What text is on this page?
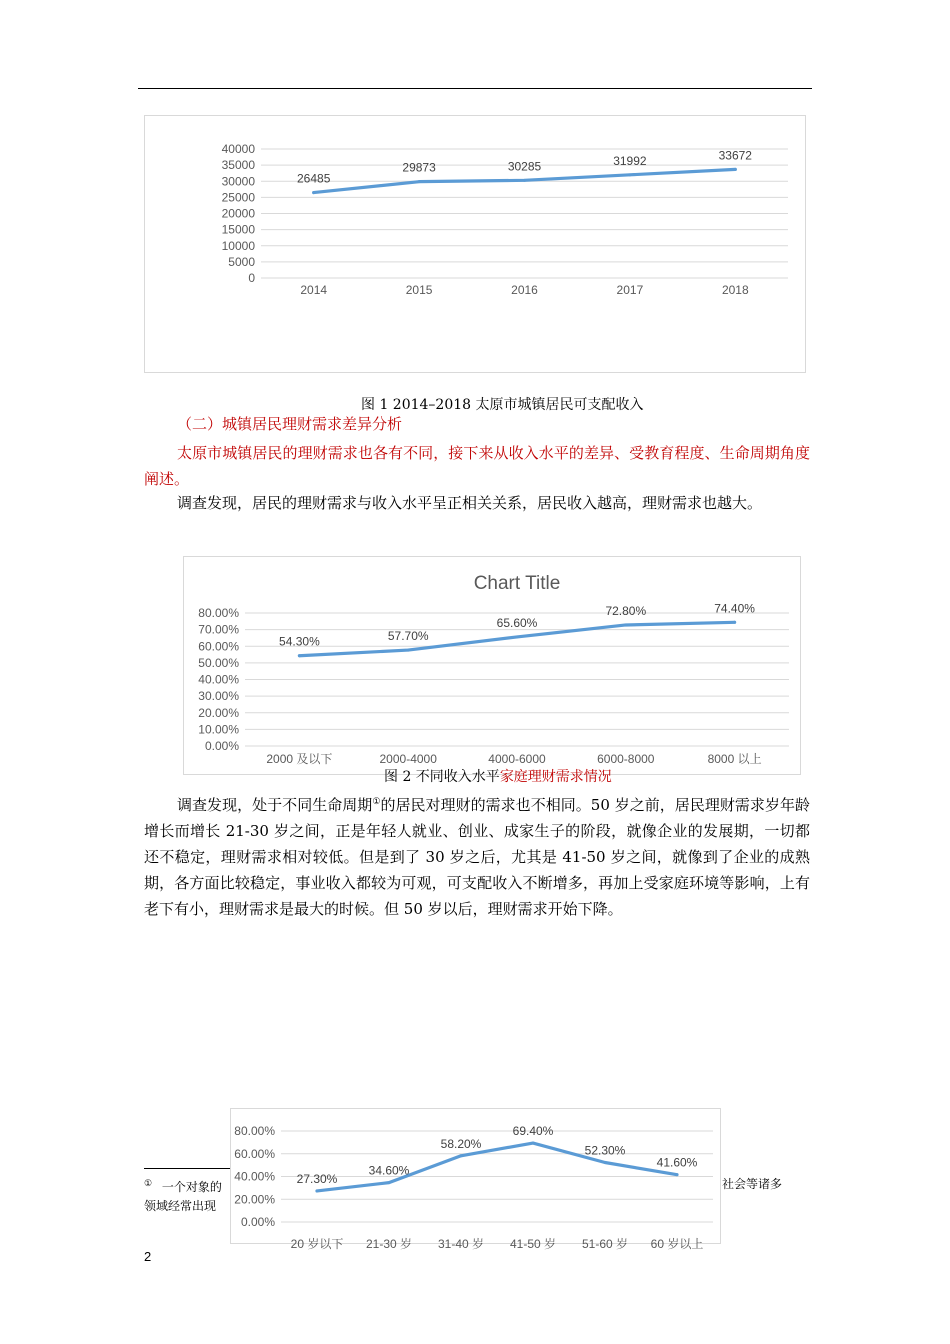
0
5000
10000
15000
20000
25000
30000
35000
40000
2014	2015	2016	2017	2018
26485
29873	30285	31992	33672
图 1 2014–2018 太原市城镇居民可支配收入
（二）城镇居民理财需求差异分析
太原市城镇居民的理财需求也各有不同，接下来从收入水平的差异、受教育程度、生命周期角度阐述。
调查发现，居民的理财需求与收入水平呈正相关关系，居民收入越高，理财需求也越大。
Chart Title
0.00%
10.00%
20.00%
30.00%
40.00%
50.00%
60.00%
70.00%
80.00%
2000 及以下	2000-4000	4000-6000	6000-8000	8000 以上
54.30%	57.70%
65.60%
72.80%	74.40%
图 2 不同收入水平家庭理财需求情况
调查发现，处于不同生命周期①的居民对理财的需求也不相同。50 岁之前，居民理财需求岁年龄增长而增长 21-30 岁之间，正是年轻人就业、创业、成家生子的阶段，就像企业的发展期，一切都还不稳定，理财需求相对较低。但是到了 30 岁之后，尤其是 41-50 岁之间，就像到了企业的成熟期，各方面比较稳定，事业收入都较为可观，可支配收入不断增多，再加上受家庭环境等影响，上有老下有小，理财需求是最大的时候。但 50 岁以后，理财需求开始下降。
① 一个对象的	社会等诸多
领域经常出现
0.00%
20.00%
40.00%
60.00%
80.00%
20 岁以下 21-30 岁 31-40 岁 41-50 岁 51-60 岁 60 岁以上
27.30%
34.60%
58.20%
69.40%
52.30%
41.60%
2
